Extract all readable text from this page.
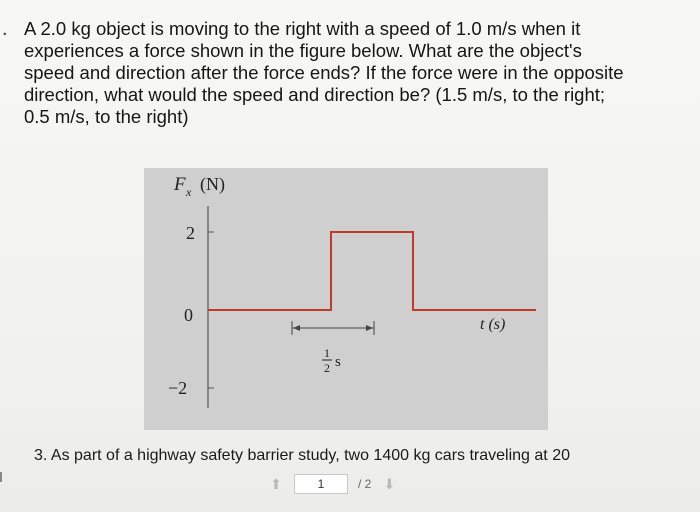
. A 2.0 kg object is moving to the right with a speed of 1.0 m/s when it

experiences a force shown in the figure below. What are the object's

speed and direction after the force ends? If the force were in the opposite

direction, what would the speed and direction be? (1.5 m/s, to the right;

0.5 m/s, to the right)

F x (N)
2
0
−2
t (s)
1
2 s
3. As part of a highway safety barrier study, two 1400 kg cars traveling at 20
⬆	1	/ 2 ⬇
